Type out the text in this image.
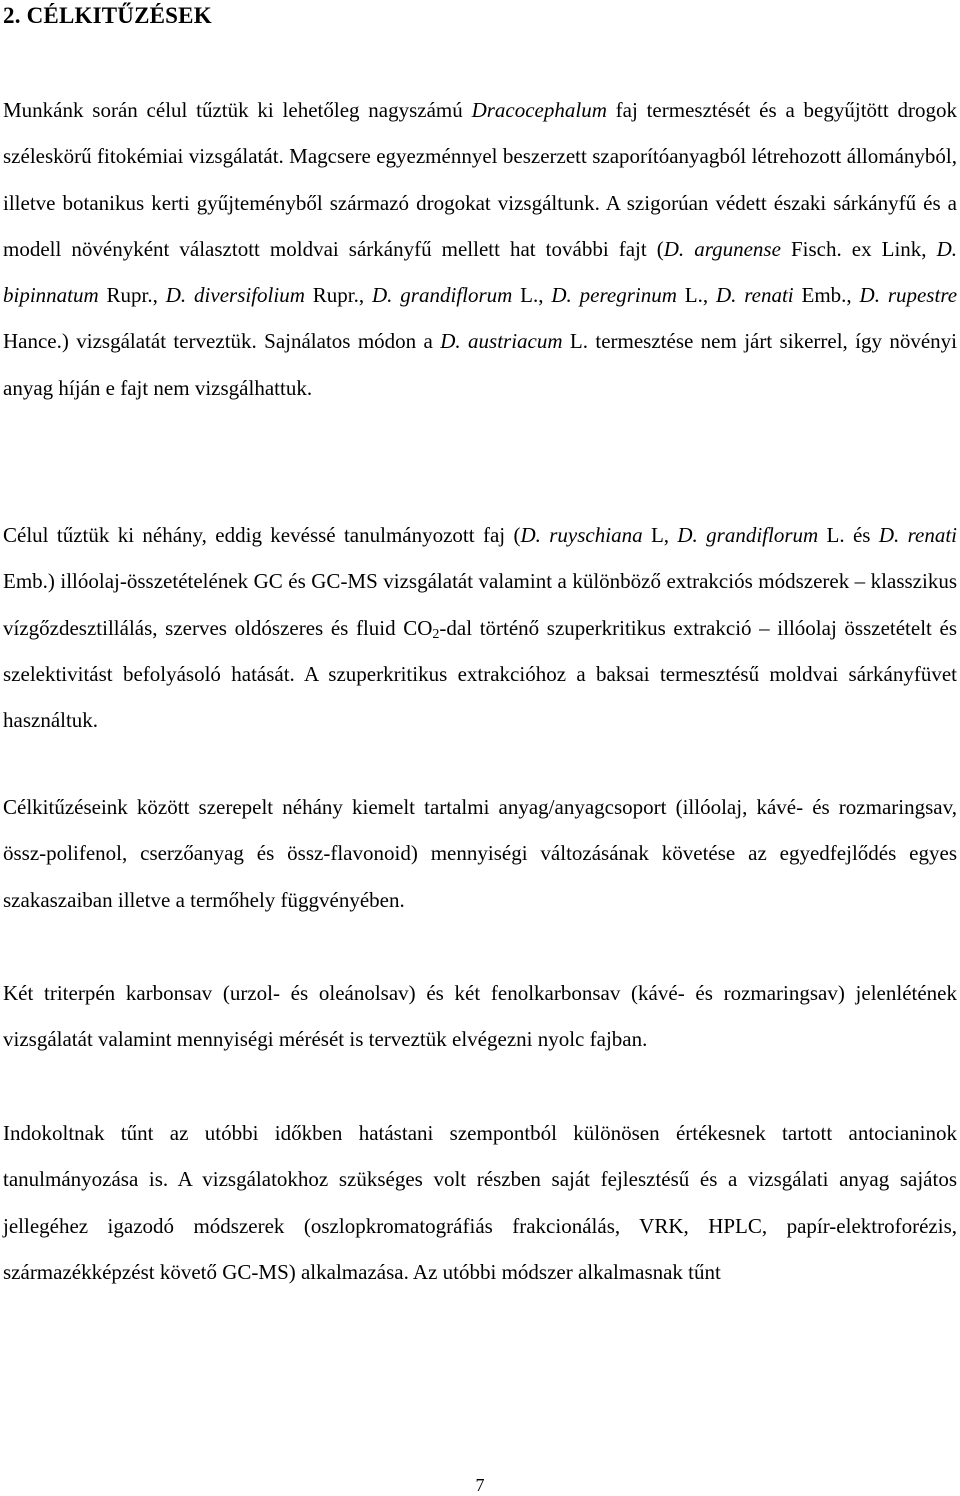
2. CÉLKITŰZÉSEK

Munkánk során célul tűztük ki lehetőleg nagyszámú Dracocephalum faj termesztését és a begyűjtött drogok széleskörű fitokémiai vizsgálatát. Magcsere egyezménnyel beszerzett szaporítóanyagból létrehozott állományból, illetve botanikus kerti gyűjteményből származó drogokat vizsgáltunk. A szigorúan védett északi sárkányfű és a modell növényként választott moldvai sárkányfű mellett hat további fajt (D. argunense Fisch. ex Link, D. bipinnatum Rupr., D. diversifolium Rupr., D. grandiflorum L., D. peregrinum L., D. renati Emb., D. rupestre Hance.) vizsgálatát terveztük. Sajnálatos módon a D. austriacum L. termesztése nem járt sikerrel, így növényi anyag híján e fajt nem vizsgálhattuk.

Célul tűztük ki néhány, eddig kevéssé tanulmányozott faj (D. ruyschiana L, D. grandiflorum L. és D. renati Emb.) illóolaj-összetételének GC és GC-MS vizsgálatát valamint a különböző extrakciós módszerek – klasszikus vízgőzdesztillálás, szerves oldószeres és fluid $CO_2$-dal történő szuperkritikus extrakció – illóolaj összetételt és szelektivitást befolyásoló hatását. A szuperkritikus extrakcióhoz a baksai termesztésű moldvai sárkányfüvet használtuk.

Célkitűzéseink között szerepelt néhány kiemelt tartalmi anyag/anyagcsoport (illóolaj, kávé- és rozmaringsav, össz-polifenol, cserzőanyag és össz-flavonoid) mennyiségi változásának követése az egyedfejlődés egyes szakaszaiban illetve a termőhely függvényében.

Két triterpén karbonsav (urzol- és oleánolsav) és két fenolkarbonsav (kávé- és rozmaringsav) jelenlétének vizsgálatát valamint mennyiségi mérését is terveztük elvégezni nyolc fajban.

Indokoltnak tűnt az utóbbi időkben hatástani szempontból különösen értékesnek tartott antocianinok tanulmányozása is. A vizsgálatokhoz szükséges volt részben saját fejlesztésű és a vizsgálati anyag sajátos jellegéhez igazodó módszerek (oszlopkromatográfiás frakcionálás, VRK, HPLC, papír-elektroforézis, származékképzést követő GC-MS) alkalmazása. Az utóbbi módszer alkalmasnak tűnt

7
